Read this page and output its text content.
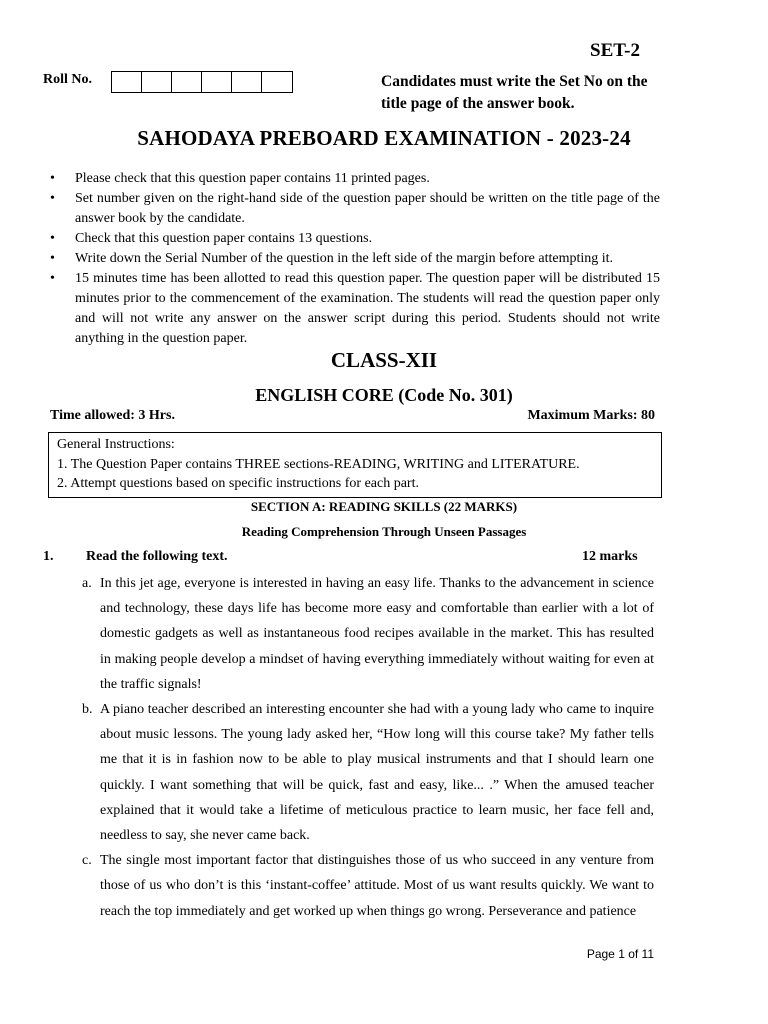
SET-2
Roll No.	Candidates must write the Set No on the title page of the answer book.
SAHODAYA PREBOARD EXAMINATION - 2023-24
• Please check that this question paper contains 11 printed pages.
• Set number given on the right-hand side of the question paper should be written on the title page of the answer book by the candidate.
• Check that this question paper contains 13 questions.
• Write down the Serial Number of the question in the left side of the margin before attempting it.
• 15 minutes time has been allotted to read this question paper. The question paper will be distributed 15 minutes prior to the commencement of the examination. The students will read the question paper only and will not write any answer on the answer script during this period. Students should not write anything in the question paper.
CLASS-XII
ENGLISH CORE (Code No. 301)
Time allowed: 3 Hrs.	Maximum Marks: 80
General Instructions:
1. The Question Paper contains THREE sections-READING, WRITING and LITERATURE.
2. Attempt questions based on specific instructions for each part.
SECTION A: READING SKILLS (22 MARKS)
Reading Comprehension Through Unseen Passages
1. Read the following text.	12 marks
a. In this jet age, everyone is interested in having an easy life. Thanks to the advancement in science and technology, these days life has become more easy and comfortable than earlier with a lot of domestic gadgets as well as instantaneous food recipes available in the market. This has resulted in making people develop a mindset of having everything immediately without waiting for even at the traffic signals!
b. A piano teacher described an interesting encounter she had with a young lady who came to inquire about music lessons. The young lady asked her, “How long will this course take? My father tells me that it is in fashion now to be able to play musical instruments and that I should learn one quickly. I want something that will be quick, fast and easy, like... .” When the amused teacher explained that it would take a lifetime of meticulous practice to learn music, her face fell and, needless to say, she never came back.
c. The single most important factor that distinguishes those of us who succeed in any venture from those of us who don’t is this ‘instant-coffee’ attitude. Most of us want results quickly. We want to reach the top immediately and get worked up when things go wrong. Perseverance and patience
Page 1 of 11
